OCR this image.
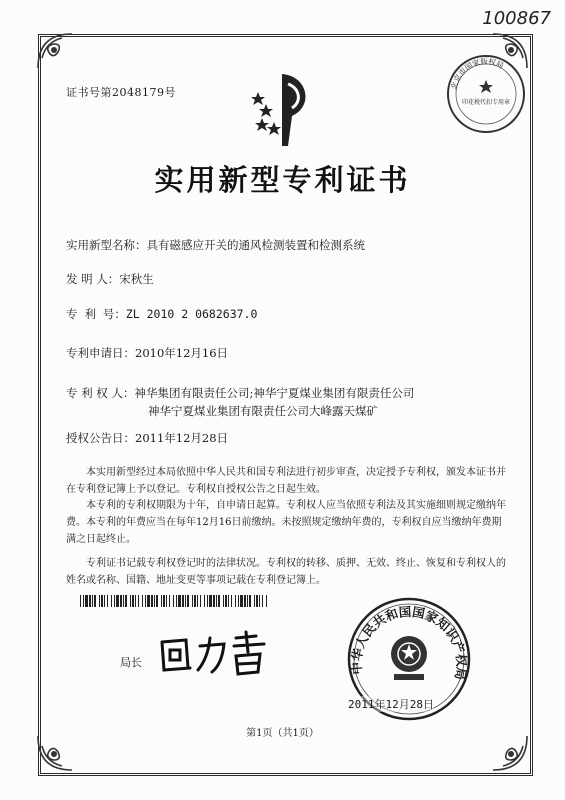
100867
证书号第2048179号
北京市国家版权局
印花税代扣专用章
实用新型专利证书
实用新型名称：具有磁感应开关的通风检测装置和检测系统
发 明 人：宋秋生
专 利 号：ZL 2010 2 0682637.0
专利申请日：2010年12月16日
专 利 权 人：神华集团有限责任公司;神华宁夏煤业集团有限责任公司
神华宁夏煤业集团有限责任公司大峰露天煤矿
授权公告日：2011年12月28日
本实用新型经过本局依照中华人民共和国专利法进行初步审查，决定授予专利权，颁发本证书并在专利登记簿上予以登记。专利权自授权公告之日起生效。
本专利的专利权期限为十年，自申请日起算。专利权人应当依照专利法及其实施细则规定缴纳年费。本专利的年费应当在每年12月16日前缴纳。未按照规定缴纳年费的，专利权自应当缴纳年费期满之日起终止。
专利证书记载专利权登记时的法律状况。专利权的转移、质押、无效、终止、恢复和专利权人的姓名或名称、国籍、地址变更等事项记载在专利登记簿上。
局长	中华人民共和国国家知识产权局
2011年12月28日
第1页（共1页）
